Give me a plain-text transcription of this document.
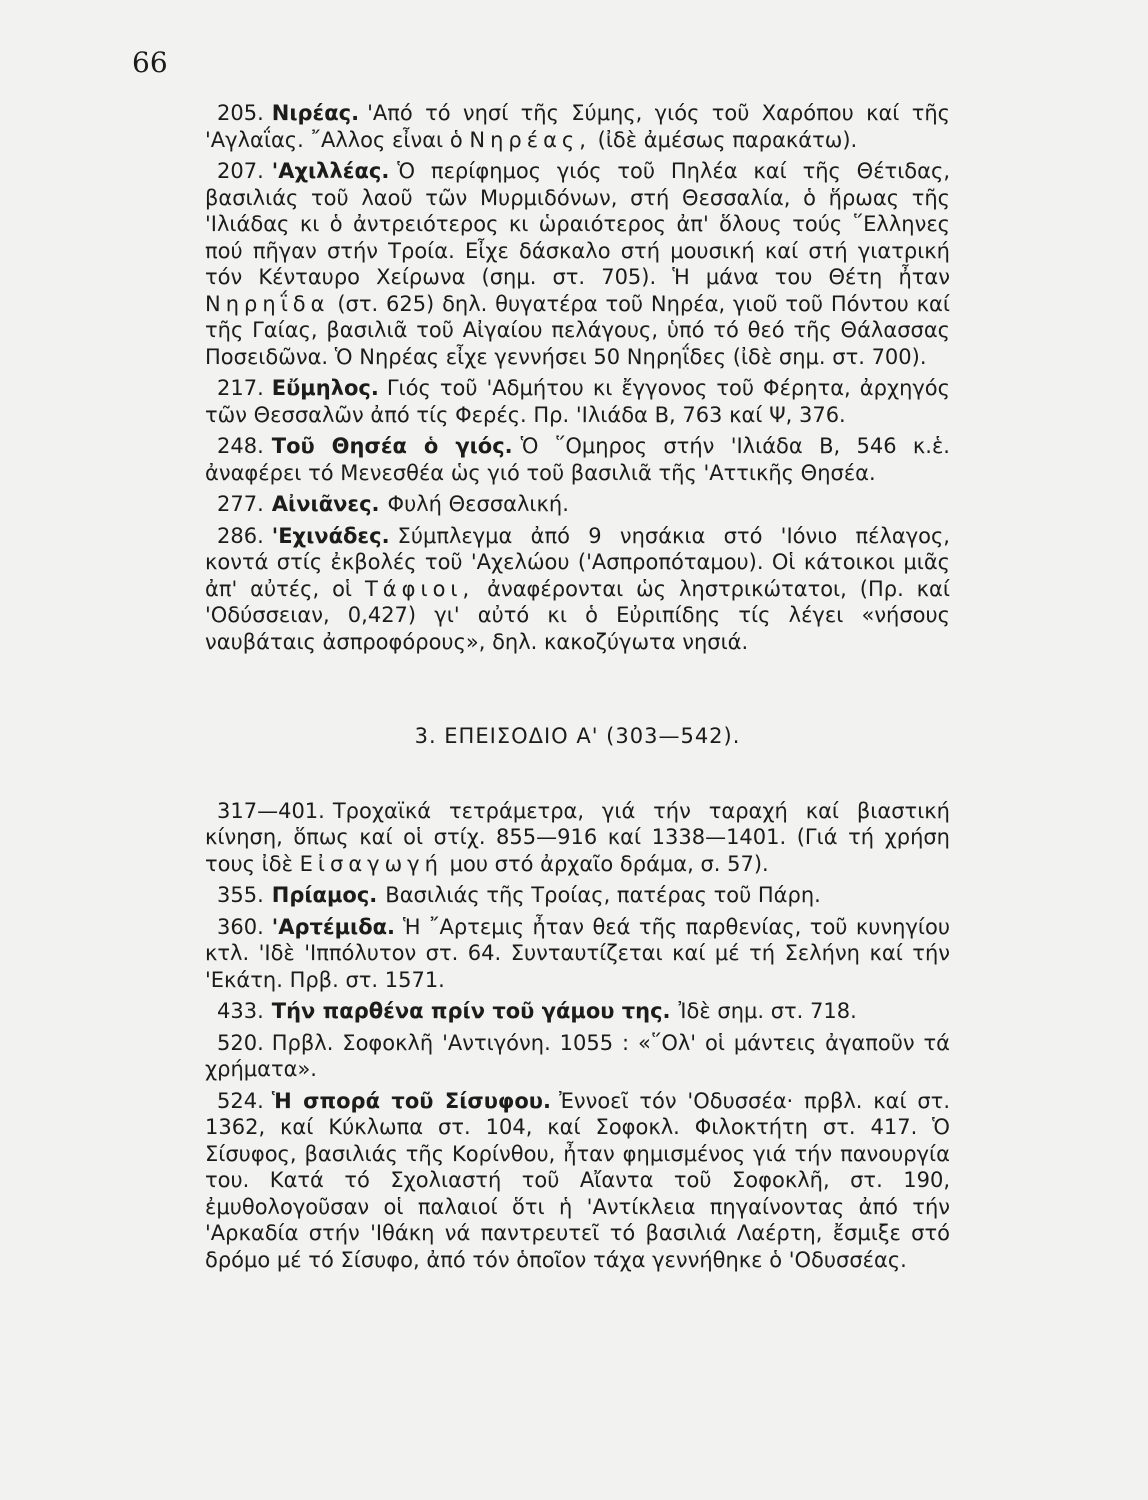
66

205. Νιρέας. 'Από τό νησί τῆς Σύμης, γιός τοῦ Χαρόπου καί τῆς 'Αγλαΐας. ῎Αλλος εἶναι ὁ Νηρέας, (ἰδὲ ἀμέσως παρακάτω).

207. 'Αχιλλέας. Ὁ περίφημος γιός τοῦ Πηλέα καί τῆς Θέτιδας, βασιλιάς τοῦ λαοῦ τῶν Μυρμιδόνων, στή Θεσσαλία, ὁ ἥρωας τῆς 'Ιλιάδας κι ὁ ἀντρειότερος κι ὡραιότερος ἀπ' ὅλους τούς ῞Ελληνες πού πῆγαν στήν Τροία. Εἶχε δάσκαλο στή μουσική καί στή γιατρική τόν Κένταυρο Χείρωνα (σημ. στ. 705). Ἡ μάνα του Θέτη ἦταν Νηρηΐδα (στ. 625) δηλ. θυγατέρα τοῦ Νηρέα, γιοῦ τοῦ Πόντου καί τῆς Γαίας, βασιλιᾶ τοῦ Αἰγαίου πελάγους, ὑπό τό θεό τῆς Θάλασσας Ποσειδῶνα. Ὁ Νηρέας εἶχε γεννήσει 50 Νηρηΐδες (ἰδὲ σημ. στ. 700).

217. Εὔμηλος. Γιός τοῦ 'Αδμήτου κι ἔγγονος τοῦ Φέρητα, ἀρχηγός τῶν Θεσσαλῶν ἀπό τίς Φερές. Πρ. 'Ιλιάδα Β, 763 καί Ψ, 376.

248. Τοῦ Θησέα ὁ γιός. Ὁ ῞Ομηρος στήν 'Ιλιάδα Β, 546 κ.ἑ. ἀναφέρει τό Μενεσθέα ὡς γιό τοῦ βασιλιᾶ τῆς 'Αττικῆς Θησέα.

277. Αἰνιᾶνες. Φυλή Θεσσαλική.

286. 'Εχινάδες. Σύμπλεγμα ἀπό 9 νησάκια στό 'Ιόνιο πέλαγος, κοντά στίς ἐκβολές τοῦ 'Αχελώου ('Ασπροπόταμου). Οἱ κάτοικοι μιᾶς ἀπ' αὐτές, οἱ Τάφιοι, ἀναφέρονται ὡς ληστρικώτατοι, (Πρ. καί 'Οδύσσειαν, 0,427) γι' αὐτό κι ὁ Εὐριπίδης τίς λέγει «νήσους ναυβάταις ἀσπροφόρους», δηλ. κακοζύγωτα νησιά.

3. ΕΠΕΙΣΟΔΙΟ Α' (303—542).

317—401. Τροχαϊκά τετράμετρα, γιά τήν ταραχή καί βιαστική κίνηση, ὅπως καί οἱ στίχ. 855—916 καί 1338—1401. (Γιά τή χρήση τους ἰδὲ Εἰσαγωγή μου στό ἀρχαῖο δράμα, σ. 57).

355. Πρίαμος. Βασιλιάς τῆς Τροίας, πατέρας τοῦ Πάρη.

360. 'Αρτέμιδα. Ἡ ῎Αρτεμις ἦταν θεά τῆς παρθενίας, τοῦ κυνηγίου κτλ. 'Ιδὲ 'Ιππόλυτον στ. 64. Συνταυτίζεται καί μέ τή Σελήνη καί τήν 'Εκάτη. Πρβ. στ. 1571.

433. Τήν παρθένα πρίν τοῦ γάμου της. Ἰδὲ σημ. στ. 718.

520. Πρβλ. Σοφοκλῆ 'Αντιγόνη. 1055 : «῞Ολ' οἱ μάντεις ἀγαποῦν τά χρήματα».

524. Ἡ σπορά τοῦ Σίσυφου. Ἐννοεῖ τόν 'Οδυσσέα· πρβλ. καί στ. 1362, καί Κύκλωπα στ. 104, καί Σοφοκλ. Φιλοκτήτη στ. 417. Ὁ Σίσυφος, βασιλιάς τῆς Κορίνθου, ἦταν φημισμένος γιά τήν πανουργία του. Κατά τό Σχολιαστή τοῦ Αἴαντα τοῦ Σοφοκλῆ, στ. 190, ἐμυθολογοῦσαν οἱ παλαιοί ὅτι ἡ 'Αντίκλεια πηγαίνοντας ἀπό τήν 'Αρκαδία στήν 'Ιθάκη νά παντρευτεῖ τό βασιλιά Λαέρτη, ἔσμιξε στό δρόμο μέ τό Σίσυφο, ἀπό τόν ὁποῖον τάχα γεννήθηκε ὁ 'Οδυσσέας.
